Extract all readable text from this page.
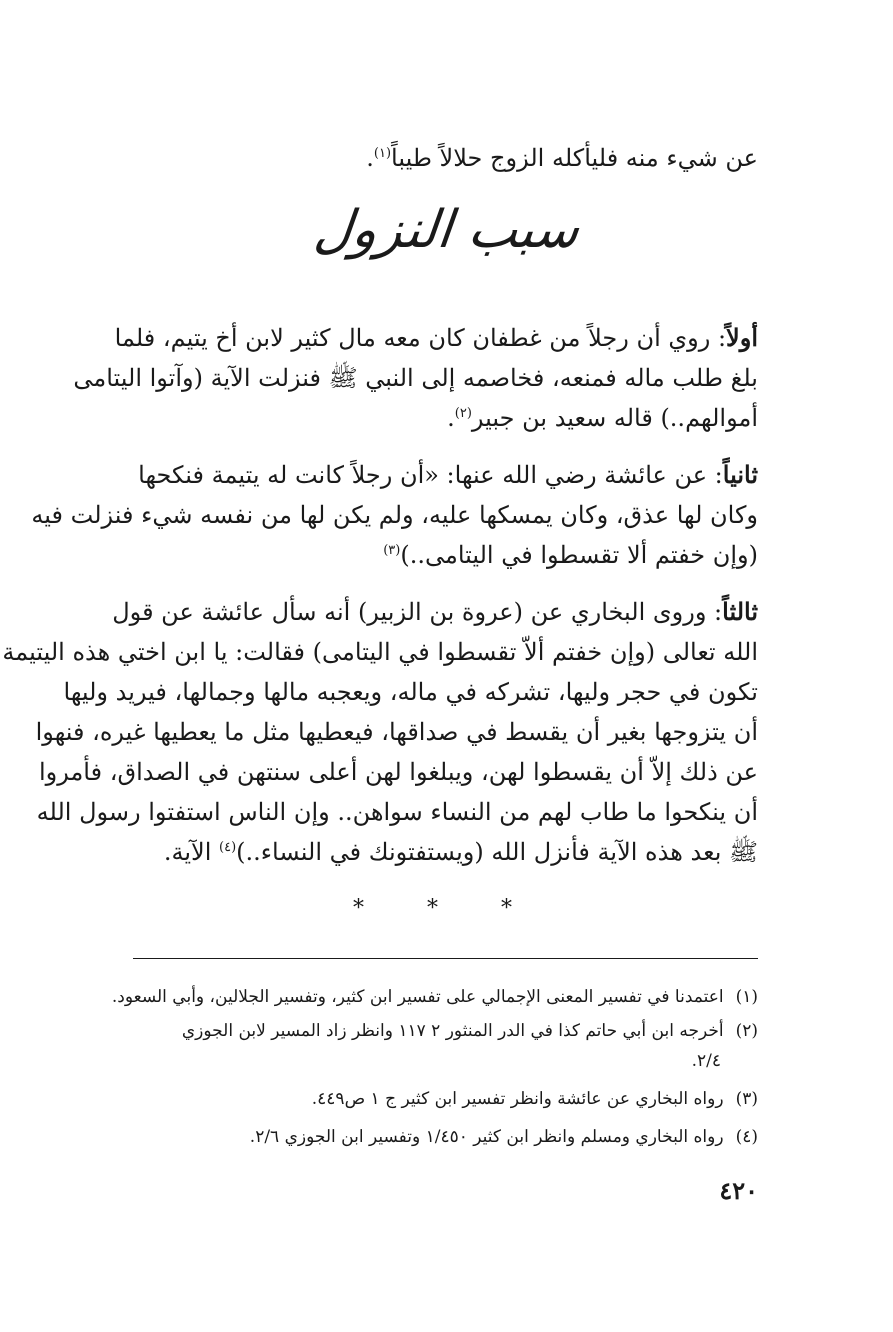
عن شيء منه فليأكله الزوج حلالاً طيباً$^{(١)}$.
سبب النزول
أولاً: روي أن رجلاً من غطفان كان معه مال كثير لابن أخ يتيم، فلما
بلغ طلب ماله فمنعه، فخاصمه إلى النبي ﷺ فنزلت الآية (وآتوا اليتامى
أموالهم..) قاله سعيد بن جبير$^{(٢)}$.
ثانياً: عن عائشة رضي الله عنها: «أن رجلاً كانت له يتيمة فنكحها
وكان لها عذق، وكان يمسكها عليه، ولم يكن لها من نفسه شيء فنزلت فيه
(وإن خفتم ألا تقسطوا في اليتامى..)$^{(٣)}$
ثالثاً: وروى البخاري عن (عروة بن الزبير) أنه سأل عائشة عن قول
الله تعالى (وإن خفتم ألاّ تقسطوا في اليتامى) فقالت: يا ابن اختي هذه اليتيمة
تكون في حجر وليها، تشركه في ماله، ويعجبه مالها وجمالها، فيريد وليها
أن يتزوجها بغير أن يقسط في صداقها، فيعطيها مثل ما يعطيها غيره، فنهوا
عن ذلك إلاّ أن يقسطوا لهن، ويبلغوا لهن أعلى سنتهن في الصداق، فأمروا
أن ينكحوا ما طاب لهم من النساء سواهن.. وإن الناس استفتوا رسول الله
ﷺ بعد هذه الآية فأنزل الله (ويستفتونك في النساء..)$^{(٤)}$ الآية.
* * *
(١)اعتمدنا في تفسير المعنى الإجمالي على تفسير ابن كثير، وتفسير الجلالين، وأبي السعود.
(٢)أخرجه ابن أبي حاتم كذا في الدر المنثور ٢ ١١٧ وانظر زاد المسير لابن الجوزي
٢/٤.
(٣)رواه البخاري عن عائشة وانظر تفسير ابن كثير ج ١ ص٤٤٩.
(٤)رواه البخاري ومسلم وانظر ابن كثير ١/٤٥٠ وتفسير ابن الجوزي ٢/٦.
٤٢٠
